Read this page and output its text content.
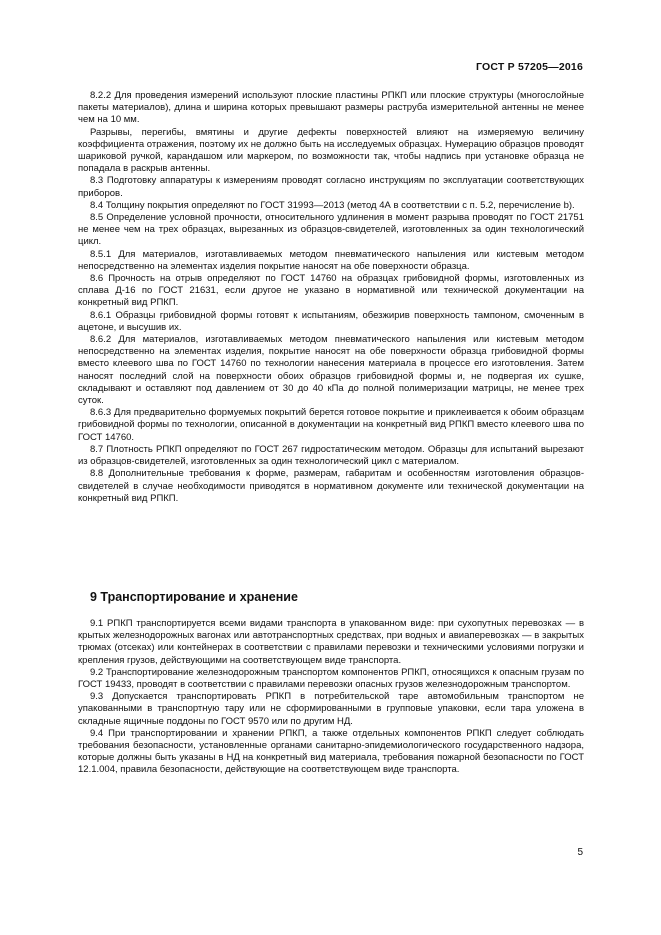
ГОСТ Р 57205—2016

8.2.2 Для проведения измерений используют плоские пластины РПКП или плоские структуры (многослойные пакеты материалов), длина и ширина которых превышают размеры раструба измерительной антенны не менее чем на 10 мм.

Разрывы, перегибы, вмятины и другие дефекты поверхностей влияют на измеряемую величину коэффициента отражения, поэтому их не должно быть на исследуемых образцах. Нумерацию образцов проводят шариковой ручкой, карандашом или маркером, по возможности так, чтобы надпись при установке образца не попадала в раскрыв антенны.

8.3 Подготовку аппаратуры к измерениям проводят согласно инструкциям по эксплуатации соответствующих приборов.

8.4 Толщину покрытия определяют по ГОСТ 31993—2013 (метод 4А в соответствии с п. 5.2, перечисление b).

8.5 Определение условной прочности, относительного удлинения в момент разрыва проводят по ГОСТ 21751 не менее чем на трех образцах, вырезанных из образцов-свидетелей, изготовленных за один технологический цикл.

8.5.1 Для материалов, изготавливаемых методом пневматического напыления или кистевым методом непосредственно на элементах изделия покрытие наносят на обе поверхности образца.

8.6 Прочность на отрыв определяют по ГОСТ 14760 на образцах грибовидной формы, изготовленных из сплава Д-16 по ГОСТ 21631, если другое не указано в нормативной или технической документации на конкретный вид РПКП.

8.6.1 Образцы грибовидной формы готовят к испытаниям, обезжирив поверхность тампоном, смоченным в ацетоне, и высушив их.

8.6.2 Для материалов, изготавливаемых методом пневматического напыления или кистевым методом непосредственно на элементах изделия, покрытие наносят на обе поверхности образца грибовидной формы вместо клеевого шва по ГОСТ 14760 по технологии нанесения материала в процессе его изготовления. Затем наносят последний слой на поверхности обоих образцов грибовидной формы и, не подвергая их сушке, складывают и оставляют под давлением от 30 до 40 кПа до полной полимеризации матрицы, не менее трех суток.

8.6.3 Для предварительно формуемых покрытий берется готовое покрытие и приклеивается к обоим образцам грибовидной формы по технологии, описанной в документации на конкретный вид РПКП вместо клеевого шва по ГОСТ 14760.

8.7 Плотность РПКП определяют по ГОСТ 267 гидростатическим методом. Образцы для испытаний вырезают из образцов-свидетелей, изготовленных за один технологический цикл с материалом.

8.8 Дополнительные требования к форме, размерам, габаритам и особенностям изготовления образцов-свидетелей в случае необходимости приводятся в нормативном документе или технической документации на конкретный вид РПКП.

9 Транспортирование и хранение

9.1 РПКП транспортируется всеми видами транспорта в упакованном виде: при сухопутных перевозках — в крытых железнодорожных вагонах или автотранспортных средствах, при водных и авиаперевозках — в закрытых трюмах (отсеках) или контейнерах в соответствии с правилами перевозки и техническими условиями погрузки и крепления грузов, действующими на соответствующем виде транспорта.

9.2 Транспортирование железнодорожным транспортом компонентов РПКП, относящихся к опасным грузам по ГОСТ 19433, проводят в соответствии с правилами перевозки опасных грузов железнодорожным транспортом.

9.3 Допускается транспортировать РПКП в потребительской таре автомобильным транспортом не упакованными в транспортную тару или не сформированными в групповые упаковки, если тара уложена в складные ящичные поддоны по ГОСТ 9570 или по другим НД.

9.4 При транспортировании и хранении РПКП, а также отдельных компонентов РПКП следует соблюдать требования безопасности, установленные органами санитарно-эпидемиологического государственного надзора, которые должны быть указаны в НД на конкретный вид материала, требования пожарной безопасности по ГОСТ 12.1.004, правила безопасности, действующие на соответствующем виде транспорта.

5
